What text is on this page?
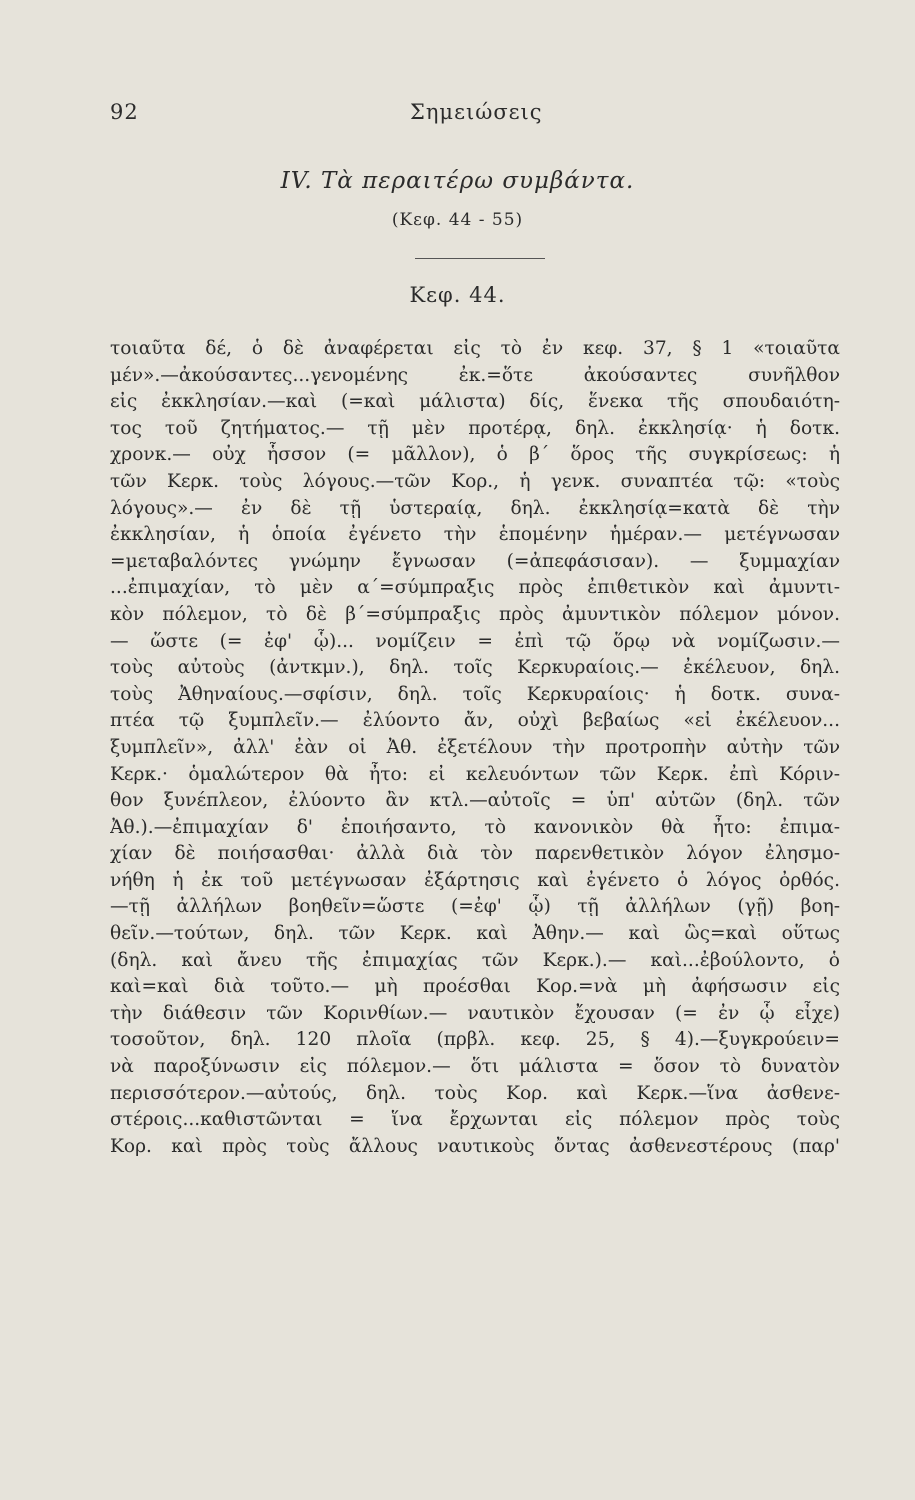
92	Σημειώσεις
IV. Τὰ περαιτέρω συμβάντα.
(Κεφ. 44 - 55)
Κεφ. 44.
τοιαῦτα δέ, ὁ δὲ ἀναφέρεται εἰς τὸ ἐν κεφ. 37, § 1 «τοιαῦτα
μέν».—ἀκούσαντες...γενομένης ἐκ.=ὅτε ἀκούσαντες συνῆλθον
εἰς ἐκκλησίαν.—καὶ (=καὶ μάλιστα) δίς, ἕνεκα τῆς σπουδαιότη-
τος τοῦ ζητήματος.— τῇ μὲν προτέρᾳ, δηλ. ἐκκλησίᾳ· ἡ δοτκ.
χρονκ.— οὐχ ἧσσον (= μᾶλλον), ὁ β΄ ὅρος τῆς συγκρίσεως: ἡ
τῶν Κερκ. τοὺς λόγους.—τῶν Κορ., ἡ γενκ. συναπτέα τῷ: «τοὺς
λόγους».— ἐν δὲ τῇ ὑστεραίᾳ, δηλ. ἐκκλησίᾳ=κατὰ δὲ τὴν
ἐκκλησίαν, ἡ ὁποία ἐγένετο τὴν ἑπομένην ἡμέραν.— μετέγνωσαν
=μεταβαλόντες γνώμην ἔγνωσαν (=ἀπεφάσισαν). — ξυμμαχίαν
...ἐπιμαχίαν, τὸ μὲν α΄=σύμπραξις πρὸς ἐπιθετικὸν καὶ ἀμυντι-
κὸν πόλεμον, τὸ δὲ β΄=σύμπραξις πρὸς ἀμυντικὸν πόλεμον μόνον.
— ὥστε (= ἐφ' ᾧ)... νομίζειν = ἐπὶ τῷ ὅρῳ νὰ νομίζωσιν.—
τοὺς αὐτοὺς (ἀντκμν.), δηλ. τοῖς Κερκυραίοις.— ἐκέλευον, δηλ.
τοὺς Ἀθηναίους.—σφίσιν, δηλ. τοῖς Κερκυραίοις· ἡ δοτκ. συνα-
πτέα τῷ ξυμπλεῖν.— ἐλύοντο ἄν, οὐχὶ βεβαίως «εἰ ἐκέλευον...
ξυμπλεῖν», ἀλλ' ἐὰν οἱ Ἀθ. ἐξετέλουν τὴν προτροπὴν αὐτὴν τῶν
Κερκ.· ὁμαλώτερον θὰ ἦτο: εἰ κελευόντων τῶν Κερκ. ἐπὶ Κόριν-
θον ξυνέπλεον, ἐλύοντο ἂν κτλ.—αὐτοῖς = ὑπ' αὐτῶν (δηλ. τῶν
Ἀθ.).—ἐπιμαχίαν δ' ἐποιήσαντο, τὸ κανονικὸν θὰ ἦτο: ἐπιμα-
χίαν δὲ ποιήσασθαι· ἀλλὰ διὰ τὸν παρενθετικὸν λόγον ἐλησμο-
νήθη ἡ ἐκ τοῦ μετέγνωσαν ἐξάρτησις καὶ ἐγένετο ὁ λόγος ὀρθός.
—τῇ ἀλλήλων βοηθεῖν=ὥστε (=ἐφ' ᾧ) τῇ ἀλλήλων (γῇ) βοη-
θεῖν.—τούτων, δηλ. τῶν Κερκ. καὶ Ἀθην.— καὶ ὣς=καὶ οὕτως
(δηλ. καὶ ἄνευ τῆς ἐπιμαχίας τῶν Κερκ.).— καὶ...ἐβούλοντο, ὁ
καὶ=καὶ διὰ τοῦτο.— μὴ προέσθαι Κορ.=νὰ μὴ ἀφήσωσιν εἰς
τὴν διάθεσιν τῶν Κορινθίων.— ναυτικὸν ἔχουσαν (= ἐν ᾧ εἶχε)
τοσοῦτον, δηλ. 120 πλοῖα (πρβλ. κεφ. 25, § 4).—ξυγκρούειν=
νὰ παροξύνωσιν εἰς πόλεμον.— ὅτι μάλιστα = ὅσον τὸ δυνατὸν
περισσότερον.—αὐτούς, δηλ. τοὺς Κορ. καὶ Κερκ.—ἵνα ἀσθενε-
στέροις...καθιστῶνται = ἵνα ἔρχωνται εἰς πόλεμον πρὸς τοὺς
Κορ. καὶ πρὸς τοὺς ἄλλους ναυτικοὺς ὄντας ἀσθενεστέρους (παρ'
